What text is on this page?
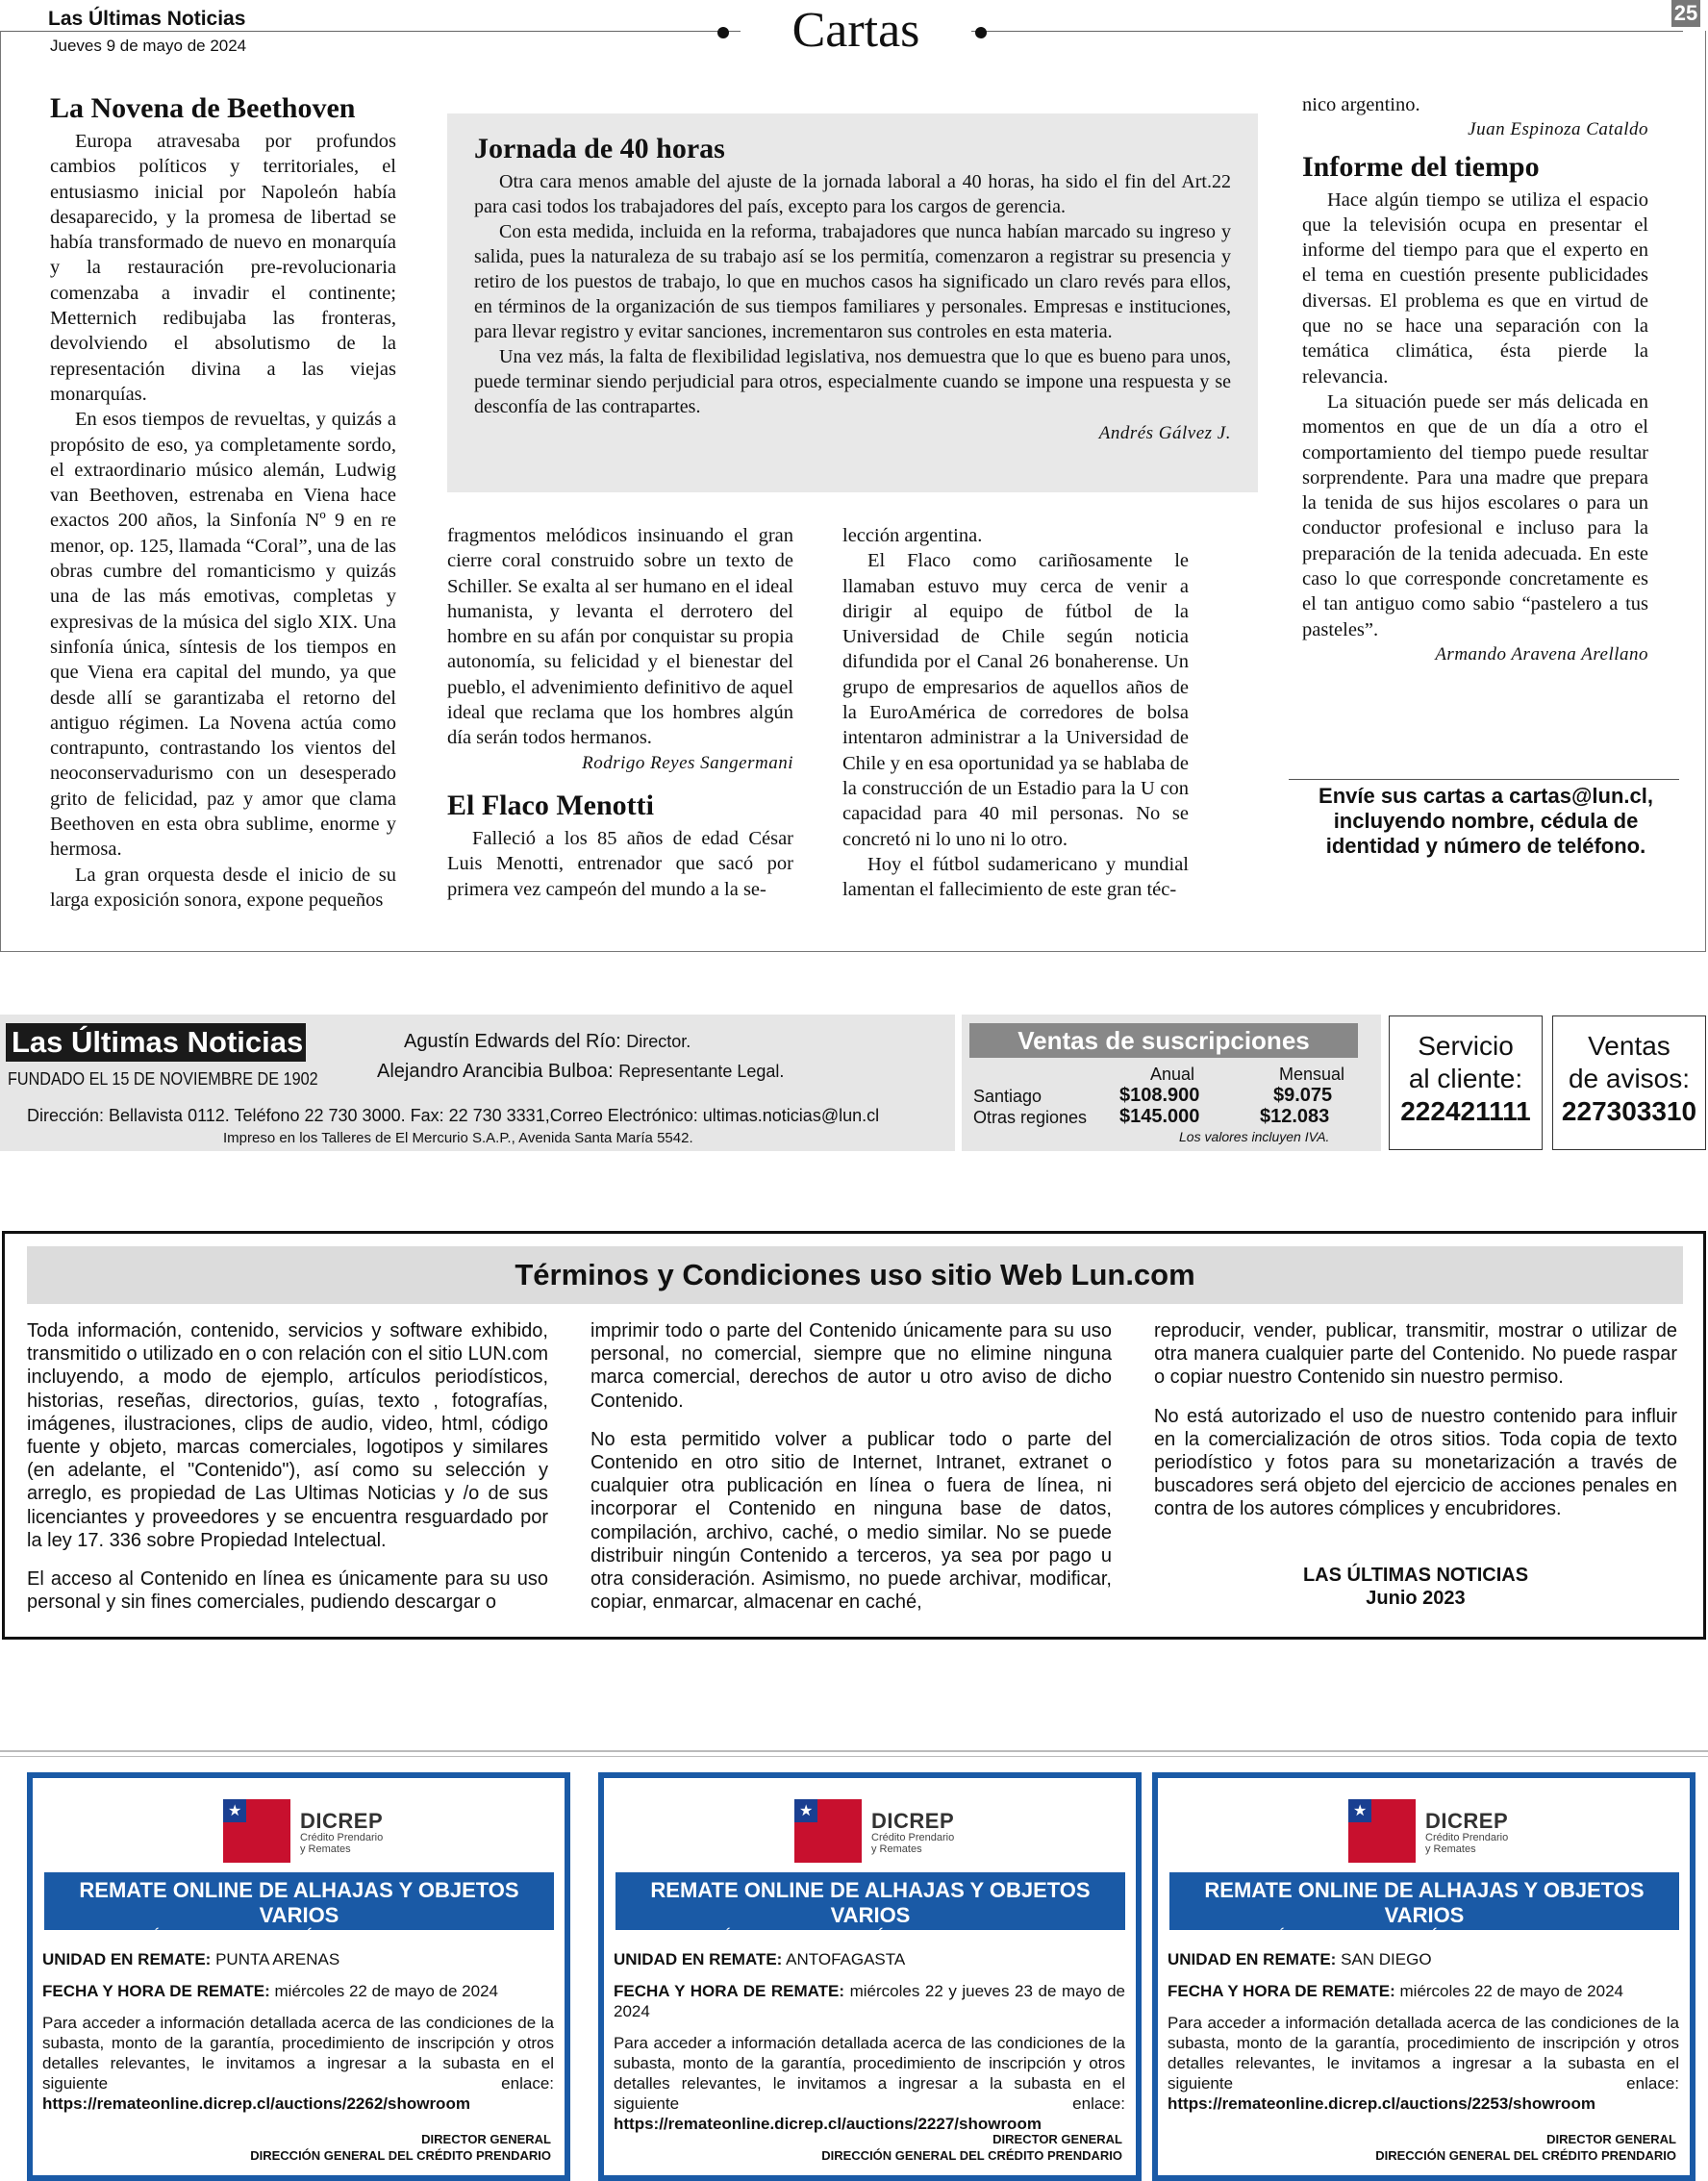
Las Últimas Noticias
Jueves 9 de mayo de 2024	Cartas	25
La Novena de Beethoven

Europa atravesaba por profundos cambios políticos y territoriales, el entusiasmo inicial por Napoleón había desaparecido, y la promesa de libertad se había transformado de nuevo en monarquía y la restauración pre-revolucionaria comenzaba a invadir el continente; Metternich redibujaba las fronteras, devolviendo el absolutismo de la representación divina a las viejas monarquías.

En esos tiempos de revueltas, y quizás a propósito de eso, ya completamente sordo, el extraordinario músico alemán, Ludwig van Beethoven, estrenaba en Viena hace exactos 200 años, la Sinfonía Nº 9 en re menor, op. 125, llamada “Coral”, una de las obras cumbre del romanticismo y quizás una de las más emotivas, completas y expresivas de la música del siglo XIX. Una sinfonía única, síntesis de los tiempos en que Viena era capital del mundo, ya que desde allí se garantizaba el retorno del antiguo régimen. La Novena actúa como contrapunto, contrastando los vientos del neoconservadurismo con un desesperado grito de felicidad, paz y amor que clama Beethoven en esta obra sublime, enorme y hermosa.

La gran orquesta desde el inicio de su larga exposición sonora, expone pequeños

Jornada de 40 horas

Otra cara menos amable del ajuste de la jornada laboral a 40 horas, ha sido el fin del Art.22 para casi todos los trabajadores del país, excepto para los cargos de gerencia.

Con esta medida, incluida en la reforma, trabajadores que nunca habían marcado su ingreso y salida, pues la naturaleza de su trabajo así se los permitía, comenzaron a registrar su presencia y retiro de los puestos de trabajo, lo que en muchos casos ha significado un claro revés para ellos, en términos de la organización de sus tiempos familiares y personales. Empresas e instituciones, para llevar registro y evitar sanciones, incrementaron sus controles en esta materia.

Una vez más, la falta de flexibilidad legislativa, nos demuestra que lo que es bueno para unos, puede terminar siendo perjudicial para otros, especialmente cuando se impone una respuesta y se desconfía de las contrapartes.

Andrés Gálvez J.

fragmentos melódicos insinuando el gran cierre coral construido sobre un texto de Schiller. Se exalta al ser humano en el ideal humanista, y levanta el derrotero del hombre en su afán por conquistar su propia autonomía, su felicidad y el bienestar del pueblo, el advenimiento definitivo de aquel ideal que reclama que los hombres algún día serán todos hermanos.

Rodrigo Reyes Sangermani
El Flaco Menotti

Falleció a los 85 años de edad César Luis Menotti, entrenador que sacó por primera vez campeón del mundo a la se-

lección argentina.

El Flaco como cariñosamente le llamaban estuvo muy cerca de venir a dirigir al equipo de fútbol de la Universidad de Chile según noticia difundida por el Canal 26 bonaherense. Un grupo de empresarios de aquellos años de la EuroAmérica de corredores de bolsa intentaron administrar a la Universidad de Chile y en esa oportunidad ya se hablaba de la construcción de un Estadio para la U con capacidad para 40 mil personas. No se concretó ni lo uno ni lo otro.

Hoy el fútbol sudamericano y mundial lamentan el fallecimiento de este gran téc-

nico argentino.

Juan Espinoza Cataldo
Informe del tiempo

Hace algún tiempo se utiliza el espacio que la televisión ocupa en presentar el informe del tiempo para que el experto en el tema en cuestión presente publicidades diversas. El problema es que en virtud de que no se hace una separación con la temática climática, ésta pierde la relevancia.

La situación puede ser más delicada en momentos en que de un día a otro el comportamiento del tiempo puede resultar sorprendente. Para una madre que prepara la tenida de sus hijos escolares o para un conductor profesional e incluso para la preparación de la tenida adecuada. En este caso lo que corresponde concretamente es el tan antiguo como sabio “pastelero a tus pasteles”.

Armando Aravena Arellano
Envíe sus cartas a cartas@lun.cl, incluyendo nombre, cédula de identidad y número de teléfono.
Las Últimas Noticias
FUNDADO EL 15 DE NOVIEMBRE DE 1902
Agustín Edwards del Río: Director.
Alejandro Arancibia Bulboa: Representante Legal.
Dirección: Bellavista 0112. Teléfono 22 730 3000. Fax: 22 730 3331,Correo Electrónico: ultimas.noticias@lun.cl
Impreso en los Talleres de El Mercurio S.A.P., Avenida Santa María 5542.
Ventas de suscripciones
Anual	Mensual
Santiago	$108.900	$9.075
Otras regiones $145.000	$12.083
Los valores incluyen IVA.
Servicio
al cliente:
222421111
Ventas
de avisos:
227303310
Términos y Condiciones uso sitio Web Lun.com

Toda información, contenido, servicios y software exhibido, transmitido o utilizado en o con relación con el sitio LUN.com incluyendo, a modo de ejemplo, artículos periodísticos, historias, reseñas, directorios, guías, texto , fotografías, imágenes, ilustraciones, clips de audio, video, html, código fuente y objeto, marcas comerciales, logotipos y similares (en adelante, el "Contenido"), así como su selección y arreglo, es propiedad de Las Ultimas Noticias y /o de sus licenciantes y proveedores y se encuentra resguardado por la ley 17. 336 sobre Propiedad Intelectual.

El acceso al Contenido en línea es únicamente para su uso personal y sin fines comerciales, pudiendo descargar o

imprimir todo o parte del Contenido únicamente para su uso personal, no comercial, siempre que no elimine ninguna marca comercial, derechos de autor u otro aviso de dicho Contenido.

No esta permitido volver a publicar todo o parte del Contenido en otro sitio de Internet, Intranet, extranet o cualquier otra publicación en línea o fuera de línea, ni incorporar el Contenido en ninguna base de datos, compilación, archivo, caché, o medio similar. No se puede distribuir ningún Contenido a terceros, ya sea por pago u otra consideración. Asimismo, no puede archivar, modificar, copiar, enmarcar, almacenar en caché,

reproducir, vender, publicar, transmitir, mostrar o utilizar de otra manera cualquier parte del Contenido. No puede raspar o copiar nuestro Contenido sin nuestro permiso.

No está autorizado el uso de nuestro contenido para influir en la comercialización de otros sitios. Toda copia de texto periodístico y fotos para su monetarización a través de buscadores será objeto del ejercicio de acciones penales en contra de los autores cómplices y encubridores.

LAS ÚLTIMAS NOTICIAS
Junio 2023
★	DICREP
Crédito Prendario y Remates
REMATE ONLINE DE ALHAJAS Y OBJETOS VARIOS
DIRECCIÓN GENERAL DEL CRÉDITO PRENDARIO (DICREP)
UNIDAD EN REMATE: PUNTA ARENAS
FECHA Y HORA DE REMATE: miércoles 22 de mayo de 2024
Para acceder a información detallada acerca de las condiciones de la subasta, monto de la garantía, procedimiento de inscripción y otros detalles relevantes, le invitamos a ingresar a la subasta en el siguiente enlace: https://remateonline.dicrep.cl/auctions/2262/showroom
DIRECTOR GENERAL
DIRECCIÓN GENERAL DEL CRÉDITO PRENDARIO
★	DICREP
Crédito Prendario y Remates
REMATE ONLINE DE ALHAJAS Y OBJETOS VARIOS
DIRECCIÓN GENERAL DEL CRÉDITO PRENDARIO (DICREP)
UNIDAD EN REMATE: ANTOFAGASTA
FECHA Y HORA DE REMATE: miércoles 22 y jueves 23 de mayo de 2024
Para acceder a información detallada acerca de las condiciones de la subasta, monto de la garantía, procedimiento de inscripción y otros detalles relevantes, le invitamos a ingresar a la subasta en el siguiente enlace: https://remateonline.dicrep.cl/auctions/2227/showroom
DIRECTOR GENERAL
DIRECCIÓN GENERAL DEL CRÉDITO PRENDARIO
★	DICREP
Crédito Prendario y Remates
REMATE ONLINE DE ALHAJAS Y OBJETOS VARIOS
DIRECCIÓN GENERAL DEL CRÉDITO PRENDARIO (DICREP)
UNIDAD EN REMATE: SAN DIEGO
FECHA Y HORA DE REMATE: miércoles 22 de mayo de 2024
Para acceder a información detallada acerca de las condiciones de la subasta, monto de la garantía, procedimiento de inscripción y otros detalles relevantes, le invitamos a ingresar a la subasta en el siguiente enlace: https://remateonline.dicrep.cl/auctions/2253/showroom
DIRECTOR GENERAL
DIRECCIÓN GENERAL DEL CRÉDITO PRENDARIO
